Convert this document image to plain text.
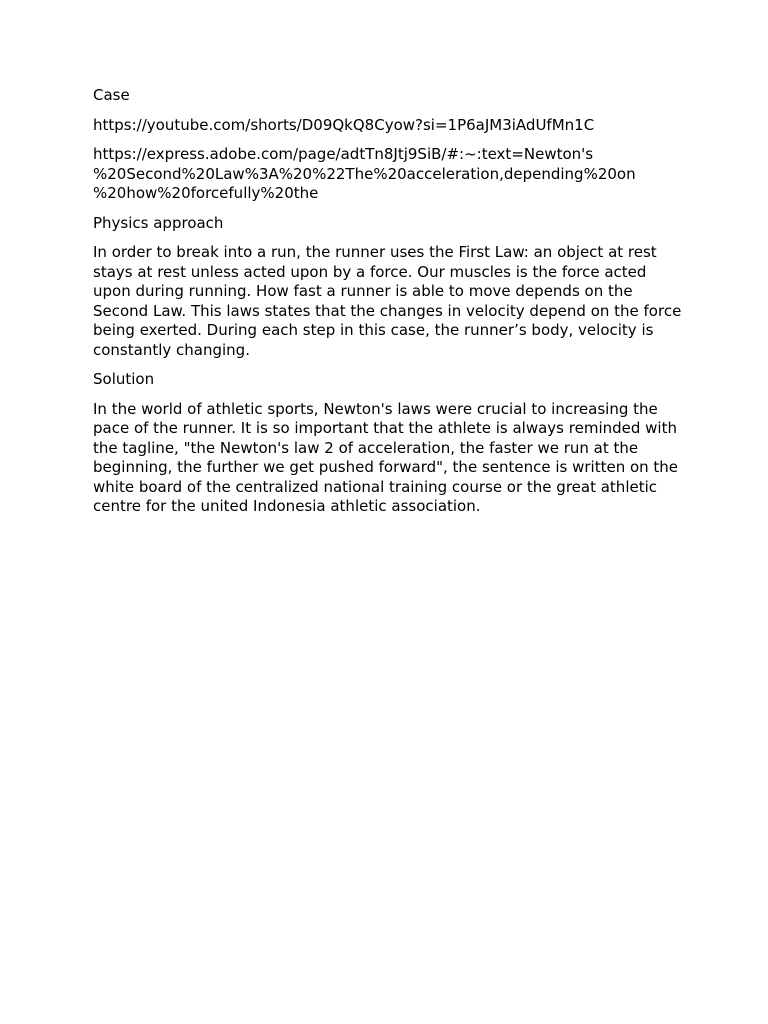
Case

https://youtube.com/shorts/D09QkQ8Cyow?si=1P6aJM3iAdUfMn1C

https://express.adobe.com/page/adtTn8Jtj9SiB/#:~:text=Newton's
%20Second%20Law%3A%20%22The%20acceleration,depending%20on
%20how%20forcefully%20the

Physics approach

In order to break into a run, the runner uses the First Law: an object at rest stays at rest unless acted upon by a force. Our muscles is the force acted upon during running. How fast a runner is able to move depends on the Second Law. This laws states that the changes in velocity depend on the force being exerted. During each step in this case, the runner’s body, velocity is constantly changing.

Solution

In the world of athletic sports, Newton's laws were crucial to increasing the pace of the runner. It is so important that the athlete is always reminded with the tagline, "the Newton's law 2 of acceleration, the faster we run at the beginning, the further we get pushed forward", the sentence is written on the white board of the centralized national training course or the great athletic centre for the united Indonesia athletic association.
